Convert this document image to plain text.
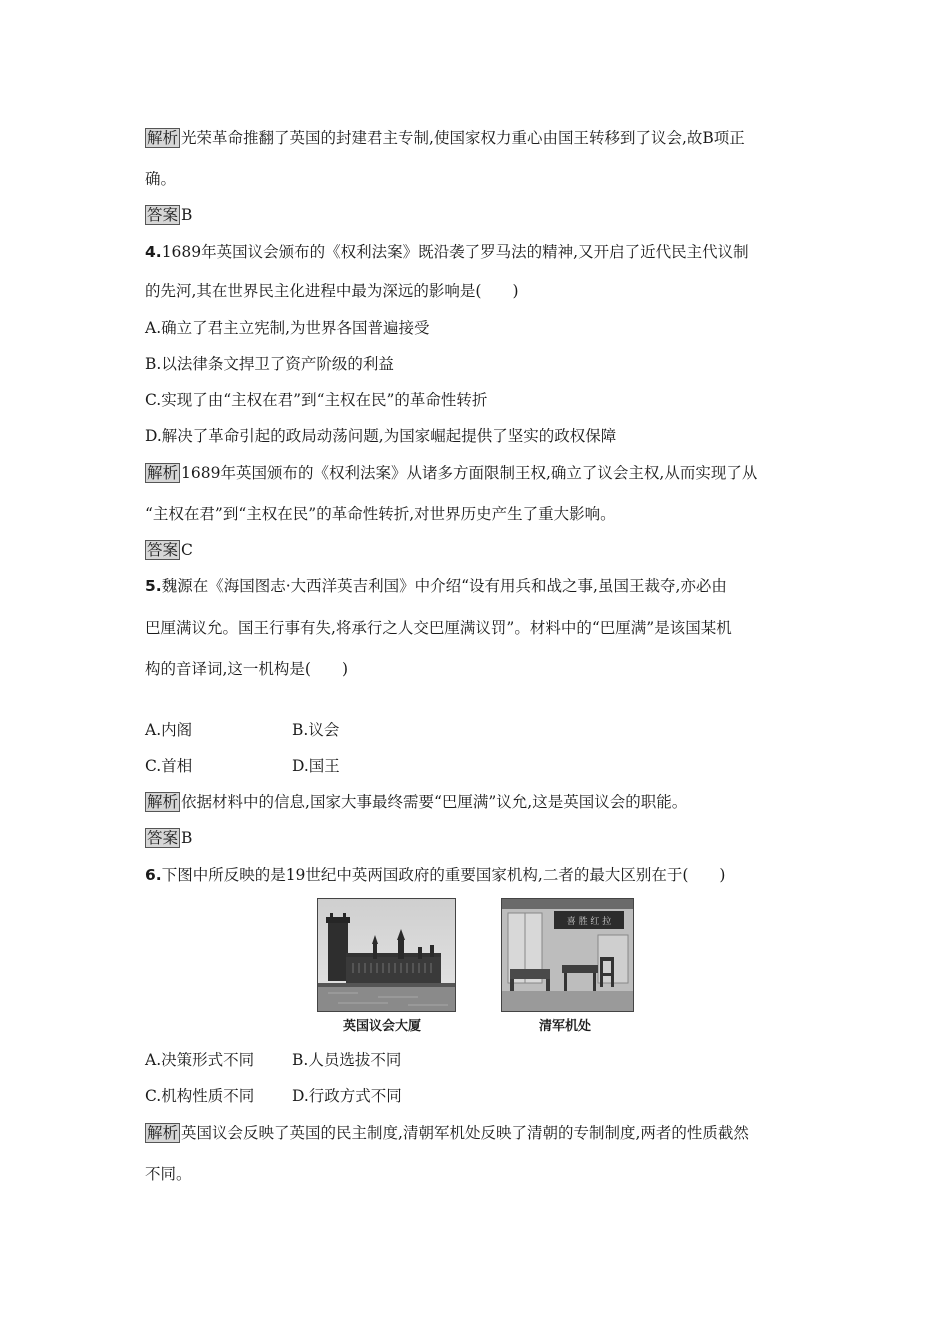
解析 光荣革命推翻了英国的封建君主专制,使国家权力重心由国王转移到了议会,故B项正
确。
答案 B
4.1689年英国议会颁布的《权利法案》既沿袭了罗马法的精神,又开启了近代民主代议制
的先河,其在世界民主化进程中最为深远的影响是(　　)
A.确立了君主立宪制,为世界各国普遍接受
B.以法律条文捍卫了资产阶级的利益
C.实现了由“主权在君”到“主权在民”的革命性转折
D.解决了革命引起的政局动荡问题,为国家崛起提供了坚实的政权保障
解析 1689年英国颁布的《权利法案》从诸多方面限制王权,确立了议会主权,从而实现了从
“主权在君”到“主权在民”的革命性转折,对世界历史产生了重大影响。
答案 C
5.魏源在《海国图志·大西洋英吉利国》中介绍“设有用兵和战之事,虽国王裁夺,亦必由
巴厘满议允。国王行事有失,将承行之人交巴厘满议罚”。材料中的“巴厘满”是该国某机
构的音译词,这一机构是(　　)
A.内阁	B.议会
C.首相	D.国王
解析 依据材料中的信息,国家大事最终需要“巴厘满”议允,这是英国议会的职能。
答案 B
6.下图中所反映的是19世纪中英两国政府的重要国家机构,二者的最大区别在于(　　)
英国议会大厦
喜 胜 红 拉
清军机处
A.决策形式不同 B.人员选拔不同
C.机构性质不同 D.行政方式不同
解析 英国议会反映了英国的民主制度,清朝军机处反映了清朝的专制制度,两者的性质截然
不同。
